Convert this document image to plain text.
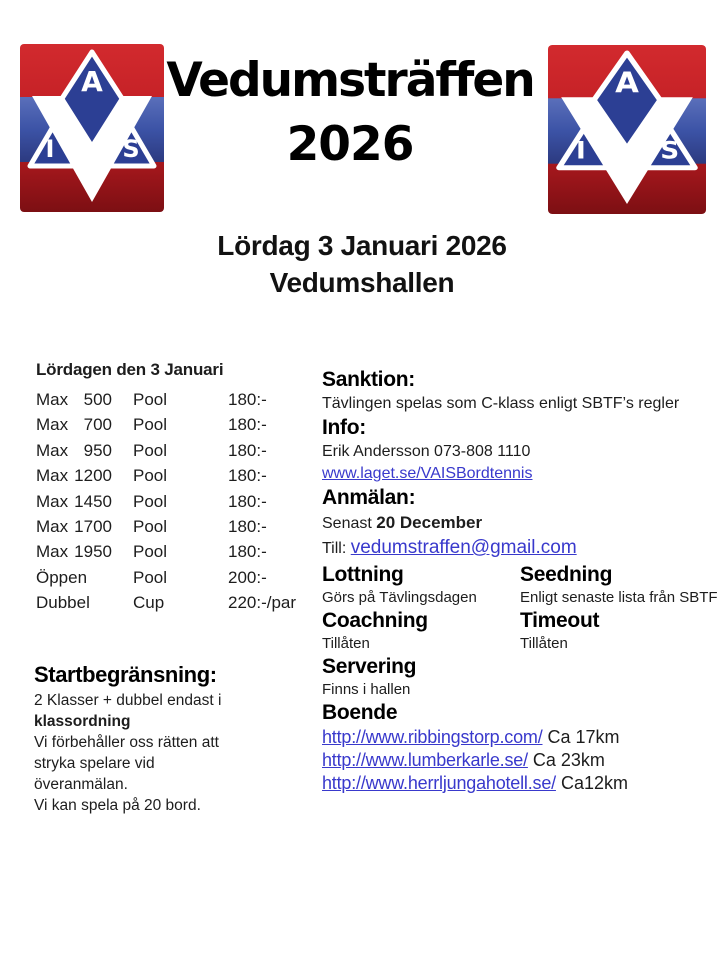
A
I	S
A
I	S
Vedumsträffen
2026
Lördag 3 Januari 2026
Vedumshallen
Lördagen den 3 Januari
Max 500 Pool	180:-
Max 700 Pool	180:-
Max 950 Pool	180:-
Max 1200 Pool	180:-
Max 1450 Pool	180:-
Max 1700 Pool	180:-
Max 1950 Pool	180:-
Öppen	Pool	200:-
Dubbel	Cup	220:-/par
Startbegränsning:
2 Klasser + dubbel endast i
klassordning
Vi förbehåller oss rätten att
stryka spelare vid
överanmälan.
Vi kan spela på 20 bord.
Sanktion:
Tävlingen spelas som C-klass enligt SBTF’s regler
Info:
Erik Andersson 073-808 1110
www.laget.se/VAISBordtennis
Anmälan:
Senast 20 December
Till: vedumstraffen@gmail.com
Lottning	Seedning
Görs på Tävlingsdagen	Enligt senaste lista från SBTF
Coachning	Timeout
Tillåten	Tillåten
Servering
Finns i hallen
Boende
http://www.ribbingstorp.com/ Ca 17km
http://www.lumberkarle.se/ Ca 23km
http://www.herrljungahotell.se/ Ca12km
